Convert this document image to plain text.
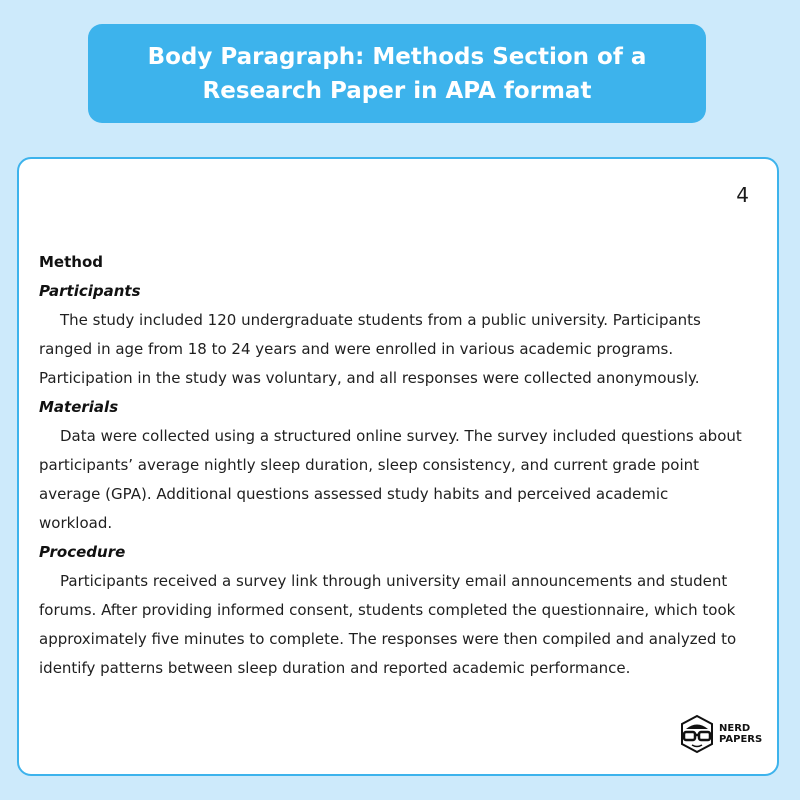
Body Paragraph: Methods Section of a
Research Paper in APA format
4
Method
Participants
The study included 120 undergraduate students from a public university. Participants
ranged in age from 18 to 24 years and were enrolled in various academic programs.
Participation in the study was voluntary, and all responses were collected anonymously.
Materials
Data were collected using a structured online survey. The survey included questions about
participants’ average nightly sleep duration, sleep consistency, and current grade point
average (GPA). Additional questions assessed study habits and perceived academic
workload.
Procedure
Participants received a survey link through university email announcements and student
forums. After providing informed consent, students completed the questionnaire, which took
approximately five minutes to complete. The responses were then compiled and analyzed to
identify patterns between sleep duration and reported academic performance.
NERD
PAPERS
